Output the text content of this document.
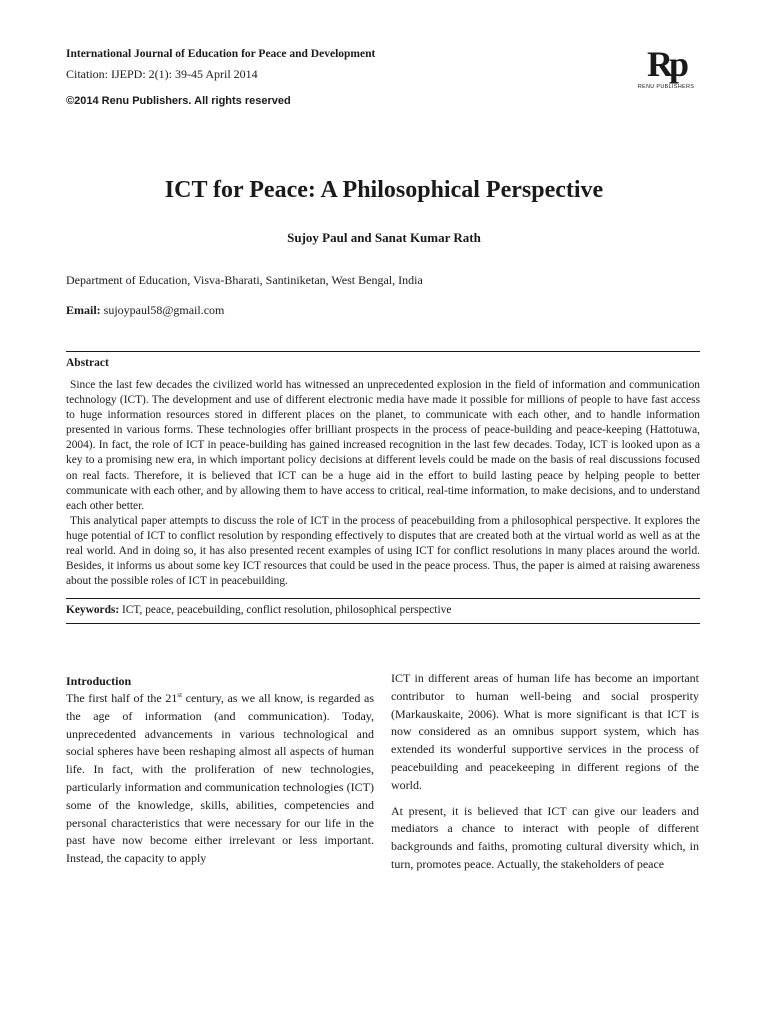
International Journal of Education for Peace and Development
Citation: IJEPD: 2(1): 39-45 April 2014
©2014 Renu Publishers. All rights reserved
Rp
RENU PUBLISHERS
ICT for Peace: A Philosophical Perspective
Sujoy Paul and Sanat Kumar Rath
Department of Education, Visva-Bharati, Santiniketan, West Bengal, India
Email: sujoypaul58@gmail.com
Abstract

Since the last few decades the civilized world has witnessed an unprecedented explosion in the field of information and communication technology (ICT). The development and use of different electronic media have made it possible for millions of people to have fast access to huge information resources stored in different places on the planet, to communicate with each other, and to handle information presented in various forms. These technologies offer brilliant prospects in the process of peace-building and peace-keeping (Hattotuwa, 2004). In fact, the role of ICT in peace-building has gained increased recognition in the last few decades. Today, ICT is looked upon as a key to a promising new era, in which important policy decisions at different levels could be made on the basis of real discussions focused on real facts. Therefore, it is believed that ICT can be a huge aid in the effort to build lasting peace by helping people to better communicate with each other, and by allowing them to have access to critical, real-time information, to make decisions, and to understand each other better.

This analytical paper attempts to discuss the role of ICT in the process of peacebuilding from a philosophical perspective. It explores the huge potential of ICT to conflict resolution by responding effectively to disputes that are created both at the virtual world as well as at the real world. And in doing so, it has also presented recent examples of using ICT for conflict resolutions in many places around the world. Besides, it informs us about some key ICT resources that could be used in the peace process. Thus, the paper is aimed at raising awareness about the possible roles of ICT in peacebuilding.

Keywords: ICT, peace, peacebuilding, conflict resolution, philosophical perspective
Introduction

The first half of the 21st century, as we all know, is regarded as the age of information (and communication). Today, unprecedented advancements in various technological and social spheres have been reshaping almost all aspects of human life. In fact, with the proliferation of new technologies, particularly information and communication technologies (ICT) some of the knowledge, skills, abilities, competencies and personal characteristics that were necessary for our life in the past have now become either irrelevant or less important. Instead, the capacity to apply

ICT in different areas of human life has become an important contributor to human well-being and social prosperity (Markauskaite, 2006). What is more significant is that ICT is now considered as an omnibus support system, which has extended its wonderful supportive services in the process of peacebuilding and peacekeeping in different regions of the world.

At present, it is believed that ICT can give our leaders and mediators a chance to interact with people of different backgrounds and faiths, promoting cultural diversity which, in turn, promotes peace. Actually, the stakeholders of peace
